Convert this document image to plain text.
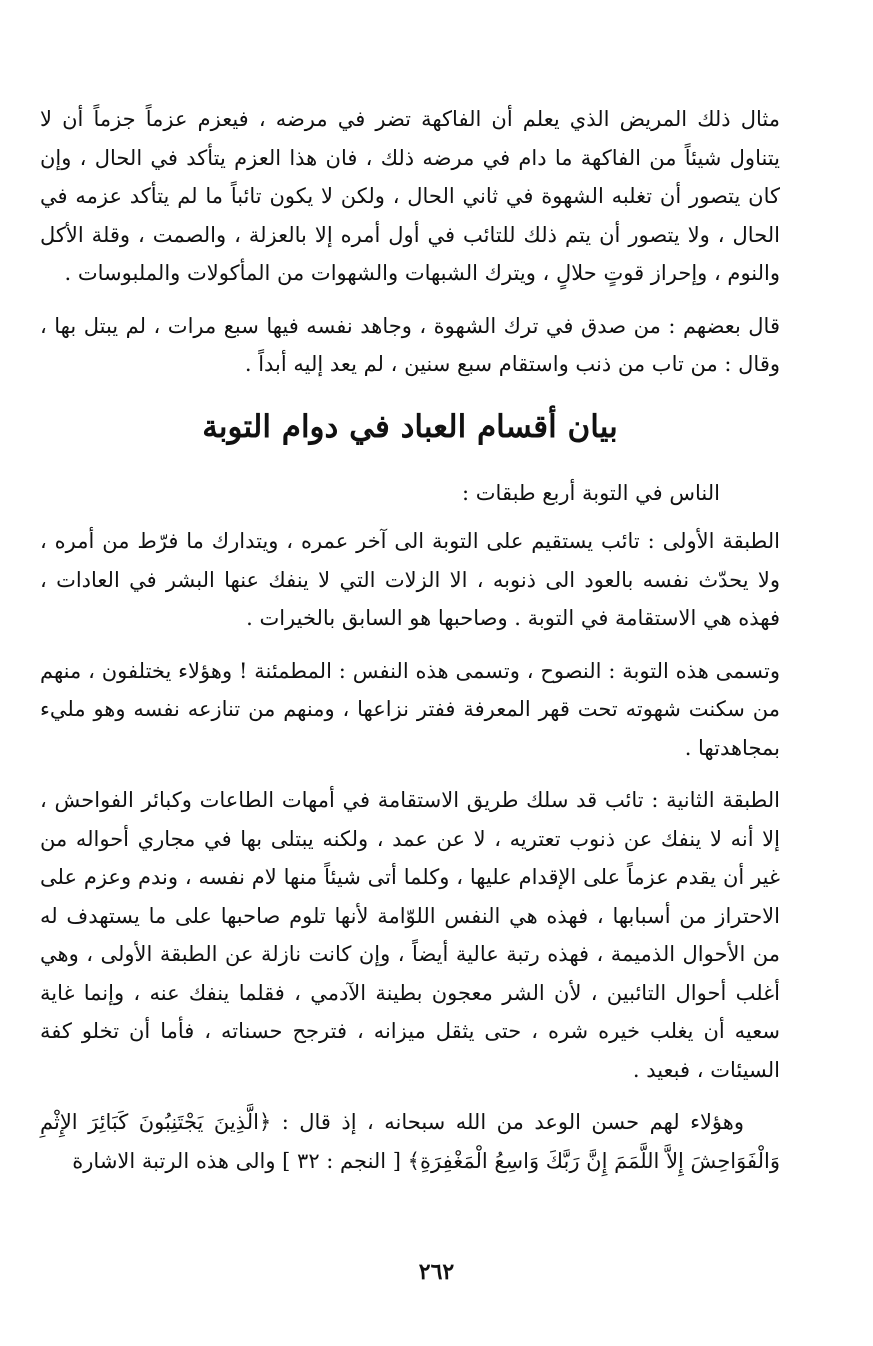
مثال ذلك المريض الذي يعلم أن الفاكهة تضر في مرضه ، فيعزم عزماً جزماً أن لا يتناول شيئاً من الفاكهة ما دام في مرضه ذلك ، فان هذا العزم يتأكد في الحال ، وإن كان يتصور أن تغلبه الشهوة في ثاني الحال ، ولكن لا يكون تائباً ما لم يتأكد عزمه في الحال ، ولا يتصور أن يتم ذلك للتائب في أول أمره إلا بالعزلة ، والصمت ، وقلة الأكل والنوم ، وإحراز قوتٍ حلالٍ ، ويترك الشبهات والشهوات من المأكولات والملبوسات .

قال بعضهم : من صدق في ترك الشهوة ، وجاهد نفسه فيها سبع مرات ، لم يبتل بها ، وقال : من تاب من ذنب واستقام سبع سنين ، لم يعد إليه أبداً .

بيان أقسام العباد في دوام التوبة

الناس في التوبة أربع طبقات :

الطبقة الأولى : تائب يستقيم على التوبة الى آخر عمره ، ويتدارك ما فرّط من أمره ، ولا يحدّث نفسه بالعود الى ذنوبه ، الا الزلات التي لا ينفك عنها البشر في العادات ، فهذه هي الاستقامة في التوبة . وصاحبها هو السابق بالخيرات .

وتسمى هذه التوبة : النصوح ، وتسمى هذه النفس : المطمئنة ! وهؤلاء يختلفون ، منهم من سكنت شهوته تحت قهر المعرفة ففتر نزاعها ، ومنهم من تنازعه نفسه وهو مليء بمجاهدتها .

الطبقة الثانية : تائب قد سلك طريق الاستقامة في أمهات الطاعات وكبائر الفواحش ، إلا أنه لا ينفك عن ذنوب تعتريه ، لا عن عمد ، ولكنه يبتلى بها في مجاري أحواله من غير أن يقدم عزماً على الإقدام عليها ، وكلما أتى شيئاً منها لام نفسه ، وندم وعزم على الاحتراز من أسبابها ، فهذه هي النفس اللوّامة لأنها تلوم صاحبها على ما يستهدف له من الأحوال الذميمة ، فهذه رتبة عالية أيضاً ، وإن كانت نازلة عن الطبقة الأولى ، وهي أغلب أحوال التائبين ، لأن الشر معجون بطينة الآدمي ، فقلما ينفك عنه ، وإنما غاية سعيه أن يغلب خيره شره ، حتى يثقل ميزانه ، فترجح حسناته ، فأما أن تخلو كفة السيئات ، فبعيد .

وهؤلاء لهم حسن الوعد من الله سبحانه ، إذ قال : ﴿الَّذِينَ يَجْتَنِبُونَ كَبَائِرَ الإِثْمِ وَالْفَوَاحِشَ إِلاَّ اللَّمَمَ إِنَّ رَبَّكَ وَاسِعُ الْمَغْفِرَةِ﴾ [ النجم : ٣٢ ] والى هذه الرتبة الاشارة

٢٦٢
